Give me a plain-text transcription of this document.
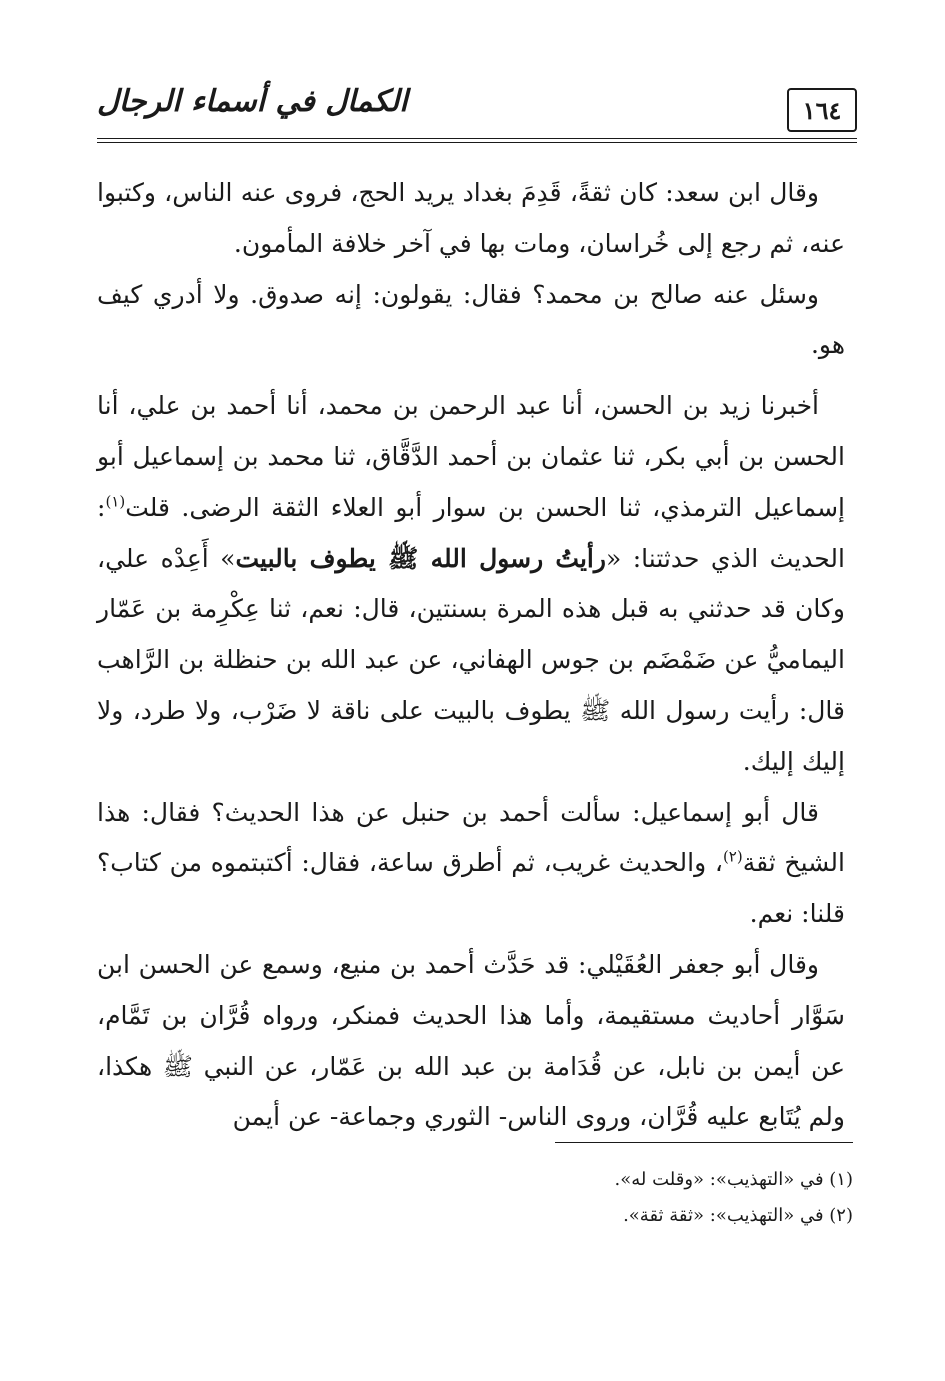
١٦٤
الكمال في أسماء الرجال

وقال ابن سعد: كان ثقةً، قَدِمَ بغداد يريد الحج، فروى عنه الناس، وكتبوا عنه، ثم رجع إلى خُراسان، ومات بها في آخر خلافة المأمون.

وسئل عنه صالح بن محمد؟ فقال: يقولون: إنه صدوق. ولا أدري كيف هو.

أخبرنا زيد بن الحسن، أنا عبد الرحمن بن محمد، أنا أحمد بن علي، أنا الحسن بن أبي بكر، ثنا عثمان بن أحمد الدَّقَّاق، ثنا محمد بن إسماعيل أبو إسماعيل الترمذي، ثنا الحسن بن سوار أبو العلاء الثقة الرضى. قلت$^{(١)}$: الحديث الذي حدثتنا: «رأيتُ رسول الله ﷺ يطوف بالبيت» أَعِدْه علي، وكان قد حدثني به قبل هذه المرة بسنتين، قال: نعم، ثنا عِكْرِمة بن عَمّار اليماميُّ عن ضَمْضَم بن جوس الهفاني، عن عبد الله بن حنظلة بن الرَّاهب قال: رأيت رسول الله ﷺ يطوف بالبيت على ناقة لا ضَرْب، ولا طرد، ولا إليك إليك.

قال أبو إسماعيل: سألت أحمد بن حنبل عن هذا الحديث؟ فقال: هذا الشيخ ثقة$^{(٢)}$، والحديث غريب، ثم أطرق ساعة، فقال: أكتبتموه من كتاب؟ قلنا: نعم.

وقال أبو جعفر العُقَيْلي: قد حَدَّث أحمد بن منيع، وسمع عن الحسن ابن سَوَّار أحاديث مستقيمة، وأما هذا الحديث فمنكر، ورواه قُرَّان بن تَمَّام، عن أيمن بن نابل، عن قُدَامة بن عبد الله بن عَمّار، عن النبي ﷺ هكذا، ولم يُتَابع عليه قُرَّان، وروى الناس- الثوري وجماعة- عن أيمن

(١) في «التهذيب»: «وقلت له».

(٢) في «التهذيب»: «ثقة ثقة».
